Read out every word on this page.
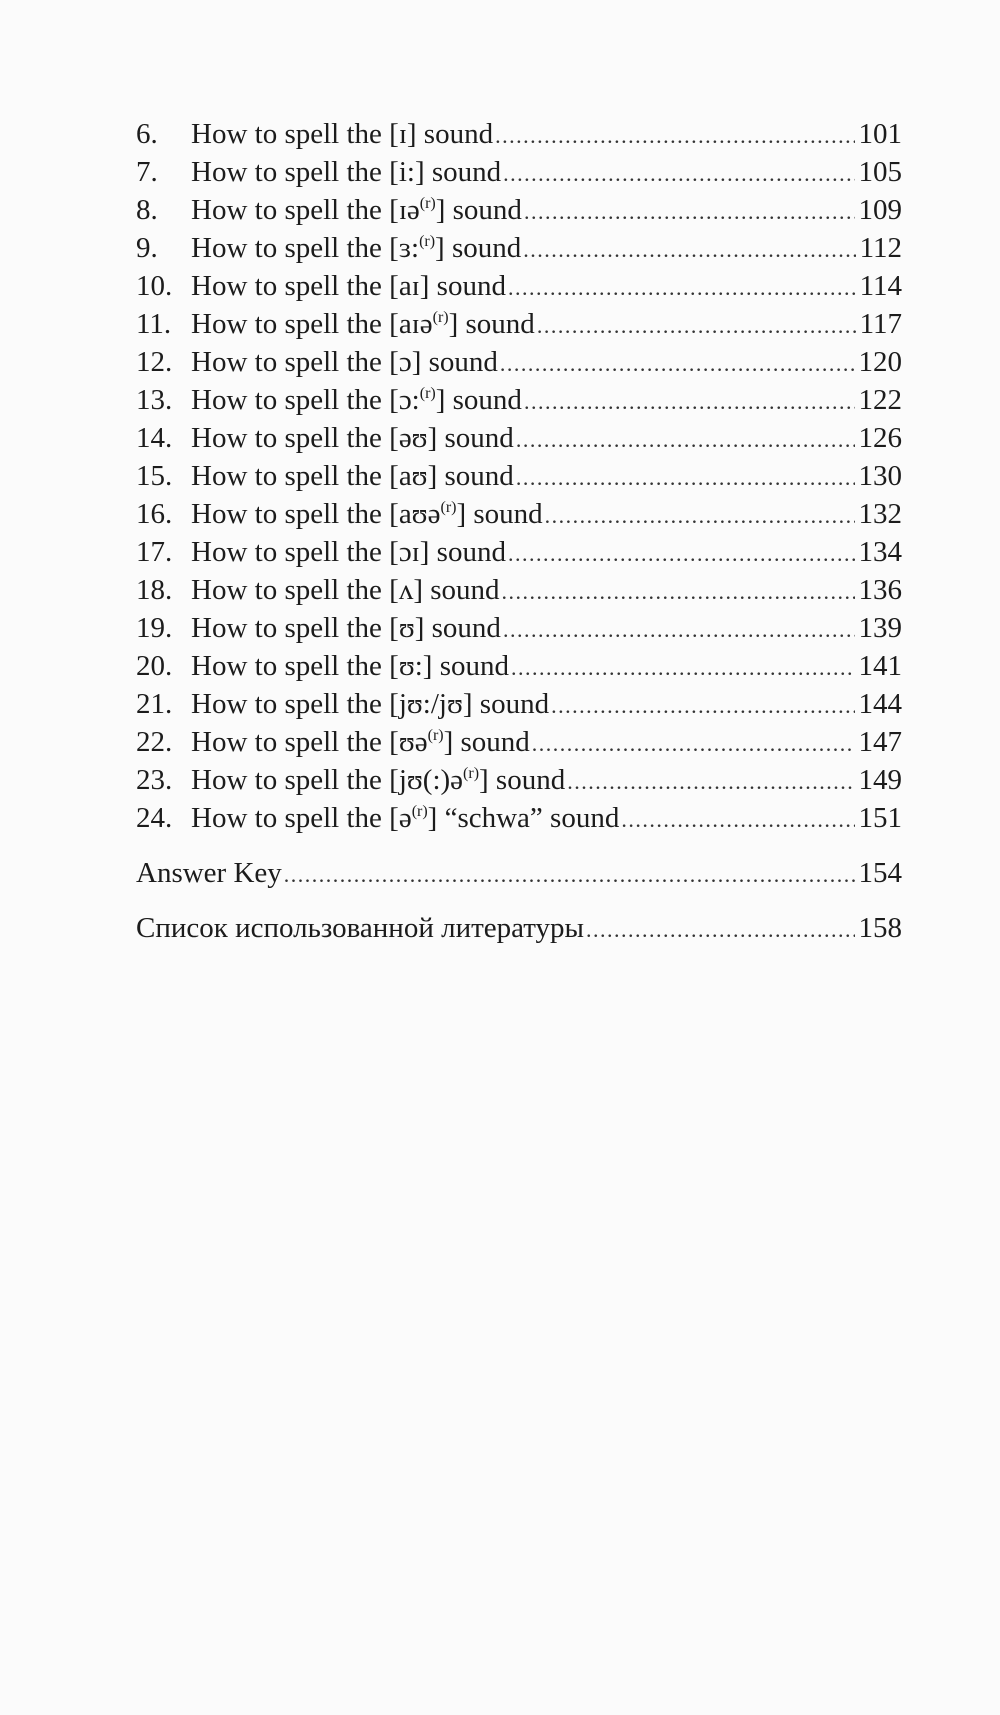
6.	How to spell the [ɪ] sound .....	101
7.	How to spell the [i:] sound .....	105
8.	How to spell the [ɪə$^{(r)}$] sound .....	109
9.	How to spell the [ɜ:$^{(r)}$] sound .....	112
10. How to spell the [aɪ] sound .....	114
11. How to spell the [aɪə$^{(r)}$] sound .....	117
12. How to spell the [ɔ] sound .....	120
13. How to spell the [ɔ:$^{(r)}$] sound .....	122
14. How to spell the [əʊ] sound .....	126
15. How to spell the [aʊ] sound .....	130
16. How to spell the [aʊə$^{(r)}$] sound .....	132
17. How to spell the [ɔɪ] sound .....	134
18. How to spell the [ʌ] sound .....	136
19. How to spell the [ʊ] sound .....	139
20. How to spell the [ʊ:] sound .....	141
21. How to spell the [jʊ:/jʊ] sound .....	144
22. How to spell the [ʊə$^{(r)}$] sound .....	147
23. How to spell the [jʊ(:)ə$^{(r)}$] sound .....	149
24. How to spell the [ə$^{(r)}$] “schwa” sound .....	151
Answer Key .....	154
Список использованной литературы .....	158
